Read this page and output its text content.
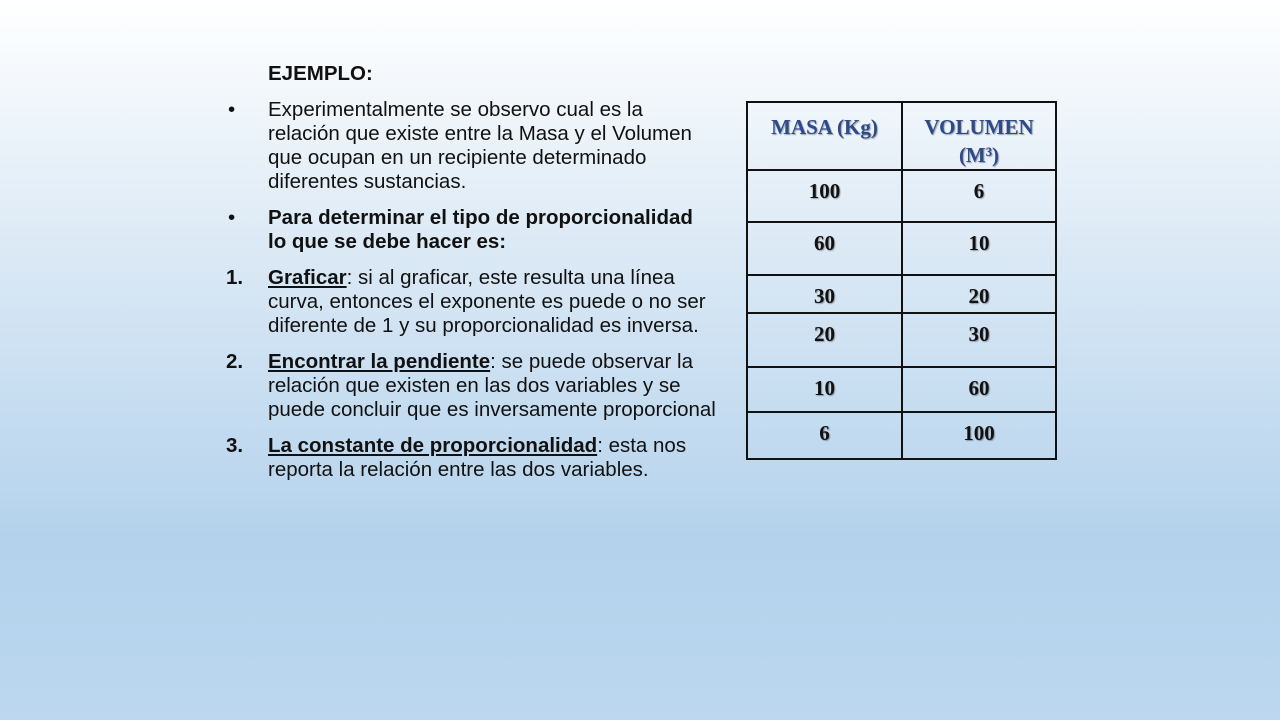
EJEMPLO:
• Experimentalmente se observo cual es la relación que existe entre la Masa y el Volumen que ocupan en un recipiente determinado diferentes sustancias.
• Para determinar el tipo de proporcionalidad lo que se debe hacer es:
1. Graficar: si al graficar, este resulta una línea curva, entonces el exponente es puede o no ser diferente de 1 y su proporcionalidad es inversa.
2. Encontrar la pendiente: se puede observar la relación que existen en las dos variables y se puede concluir que es inversamente proporcional
3. La constante de proporcionalidad: esta nos reporta la relación entre las dos variables.
MASA (Kg)	VOLUMEN (M³)
100	6
60	10
30	20
20	30
10	60
6	100
